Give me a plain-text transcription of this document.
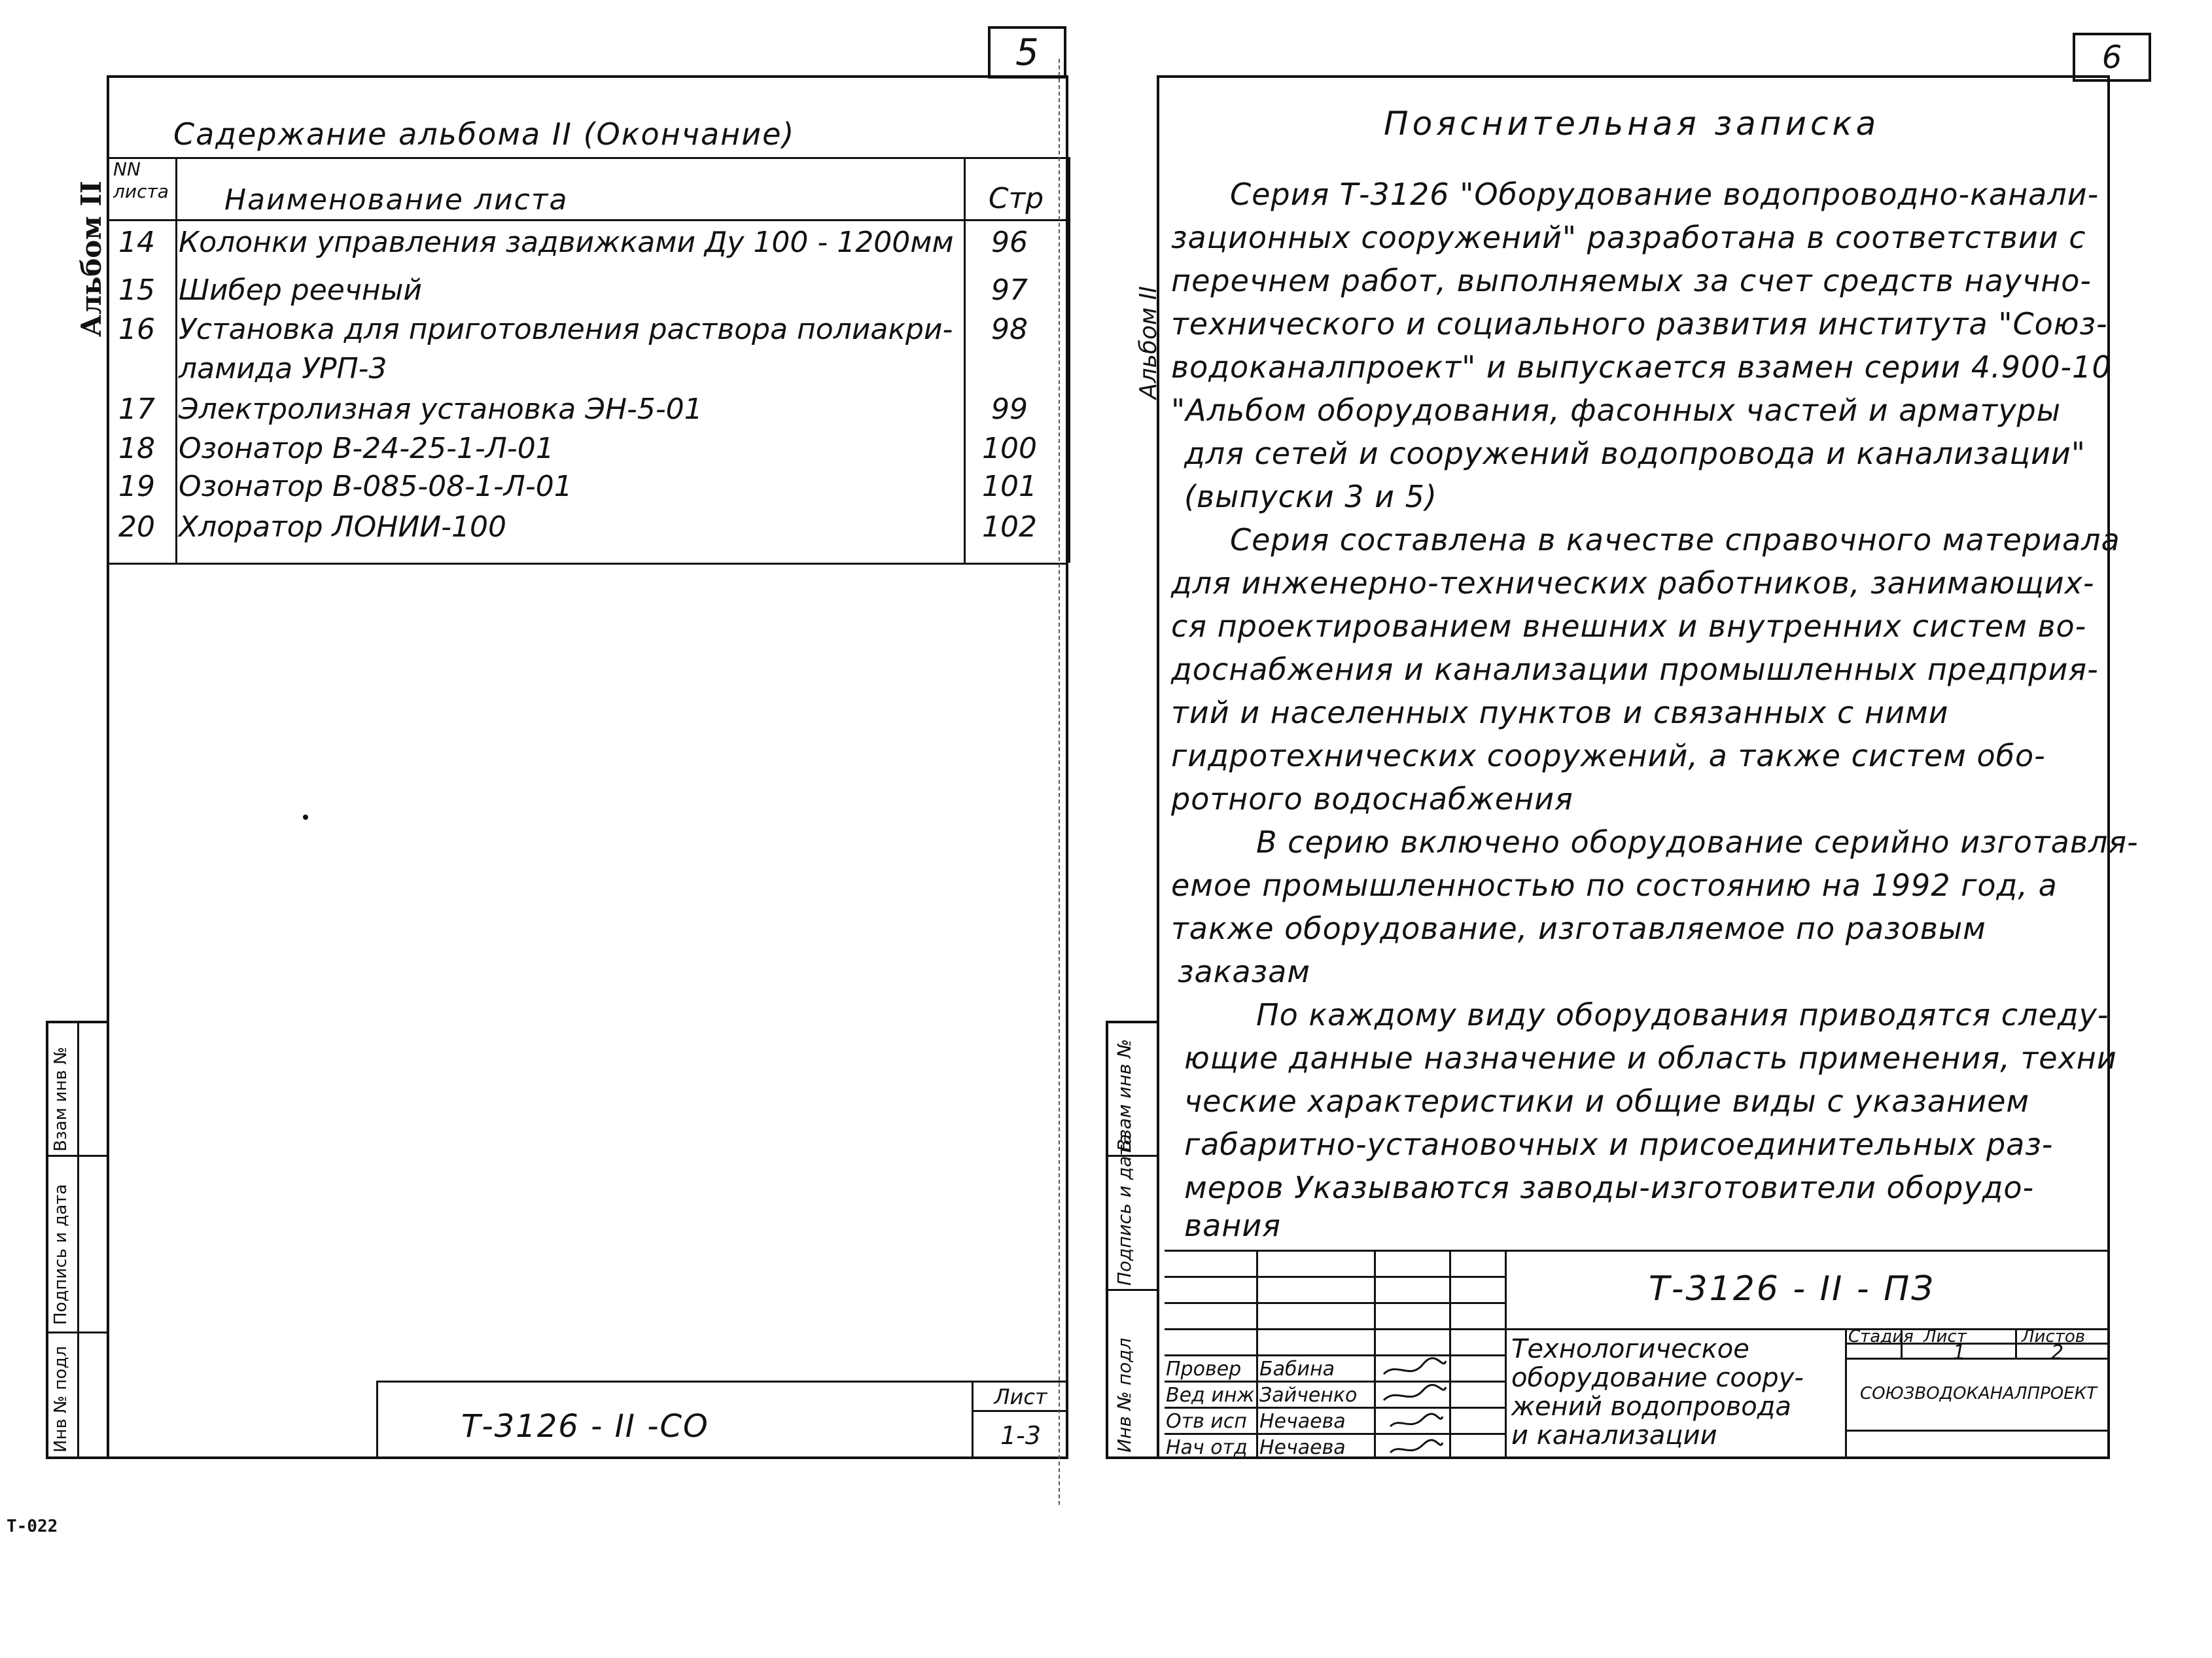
5
Альбом II
Взам инв №
Подпись и дата
Инв № подл
Садержание альбома II (Окончание)
NN листа Наименование листа	Стр
14 Колонки управления задвижками Ду 100 - 1200мм	96
15 Шибер реечный	97
16 Установка для приготовления раствора полиакри-	98
ламида УРП-3
17 Электролизная установка ЭН-5-01	99
18 Озонатор В-24-25-1-Л-01	100
19 Озонатор В-085-08-1-Л-01	101
20 Хлоратор ЛОНИИ-100	102
Т-3126 - II -СО
Лист
1-3
Т-022
6
Альбом II
Взам инв №
Подпись и дата
Инв № подл
Пояснительная записка
Серия Т-3126 "Оборудование водопроводно-канали-
зационных сооружений" разработана в соответствии с
перечнем работ, выполняемых за счет средств научно-
технического и социального развития института "Союз-
водоканалпроект" и выпускается взамен серии 4.900-10
"Альбом оборудования, фасонных частей и арматуры
для сетей и сооружений водопровода и канализации"
(выпуски 3 и 5)
Серия составлена в качестве справочного материала
для инженерно-технических работников, занимающих-
ся проектированием внешних и внутренних систем во-
доснабжения и канализации промышленных предприя-
тий и населенных пунктов и связанных с ними
гидротехнических сооружений, а также систем обо-
ротного водоснабжения
В серию включено оборудование серийно изготавля-
емое промышленностью по состоянию на 1992 год, а
также оборудование, изготавляемое по разовым
заказам
По каждому виду оборудования приводятся следу-
ющие данные назначение и область применения, техни
ческие характеристики и общие виды с указанием
габаритно-установочных и присоединительных раз-
меров Указываются заводы-изготовители оборудо-
вания
Т-3126 - II - ПЗ
Провер Бабина
Вед инж Зайченко
Отв исп Нечаева
Нач отд Нечаева
Технологическое
оборудование соору-
жений водопровода
и канализации
Стадия Лист	Листов
1	2
СОЮЗВОДОКАНАЛПРОЕКТ
